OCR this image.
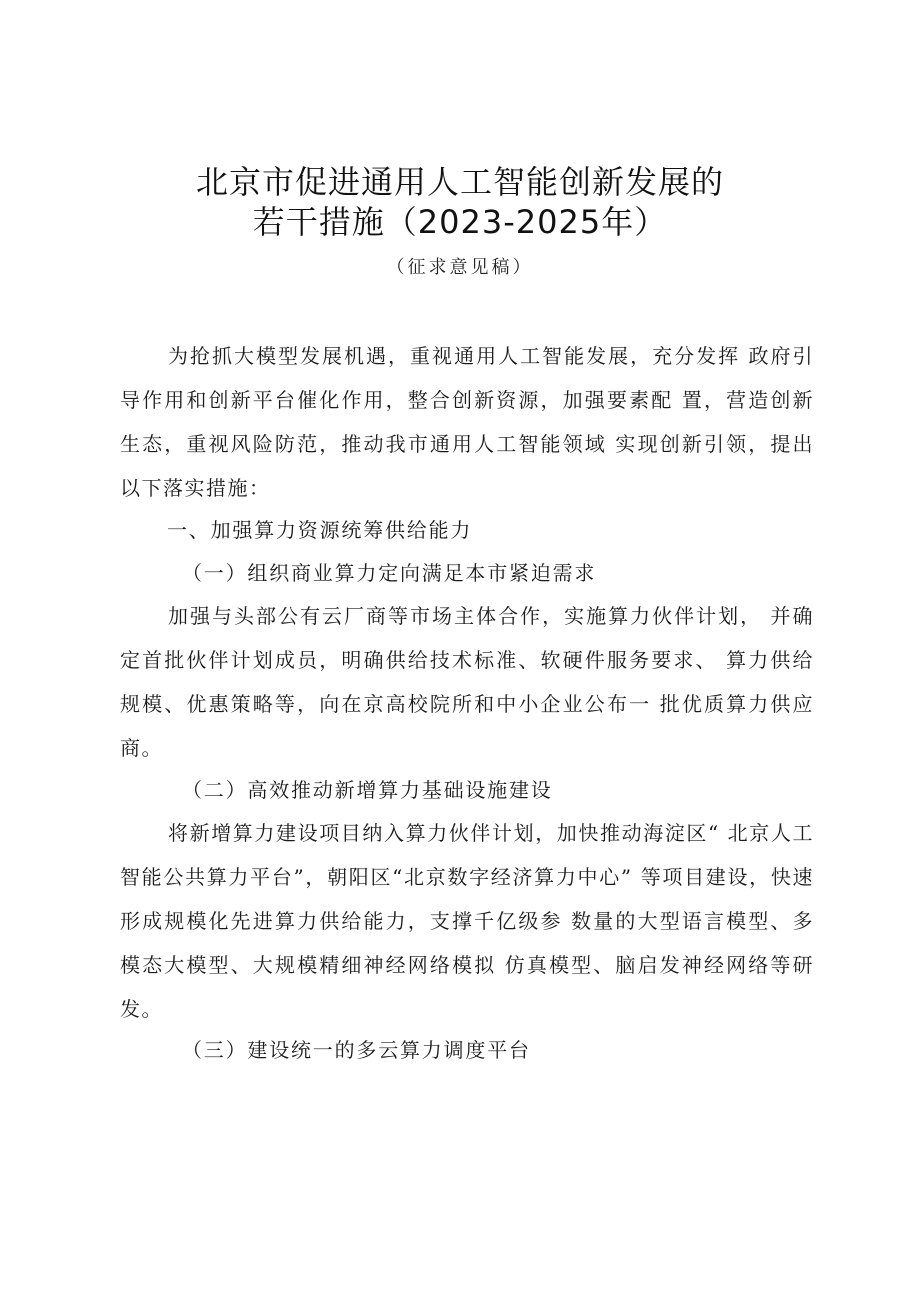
北京市促进通用人工智能创新发展的
若干措施（2023-2025年）
（征求意见稿）
为抢抓大模型发展机遇，重视通用人工智能发展，充分发挥 政府引导作用和创新平台催化作用，整合创新资源，加强要素配 置，营造创新生态，重视风险防范，推动我市通用人工智能领域 实现创新引领，提出以下落实措施：
一、加强算力资源统筹供给能力
（一）组织商业算力定向满足本市紧迫需求
加强与头部公有云厂商等市场主体合作，实施算力伙伴计划， 并确定首批伙伴计划成员，明确供给技术标准、软硬件服务要求、 算力供给规模、优惠策略等，向在京高校院所和中小企业公布一 批优质算力供应商。
（二）高效推动新增算力基础设施建设
将新增算力建设项目纳入算力伙伴计划，加快推动海淀区“ 北京人工智能公共算力平台”，朝阳区“北京数字经济算力中心” 等项目建设，快速形成规模化先进算力供给能力，支撑千亿级参 数量的大型语言模型、多模态大模型、大规模精细神经网络模拟 仿真模型、脑启发神经网络等研发。
（三）建设统一的多云算力调度平台
